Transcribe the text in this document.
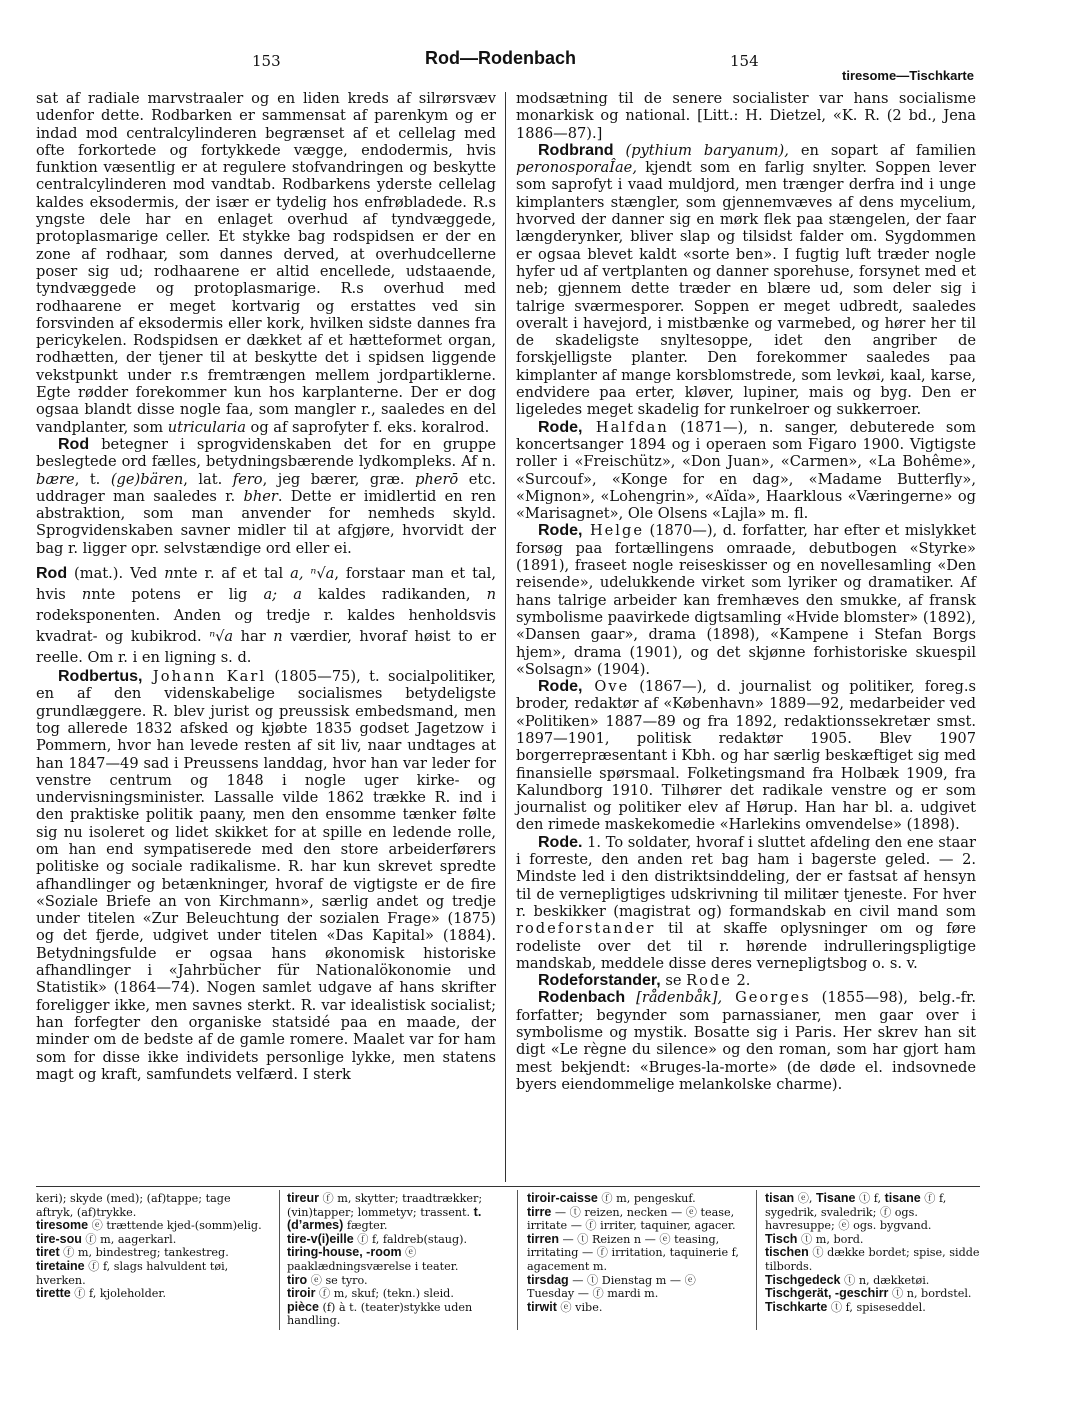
153	Rod—Rodenbach	154
tiresome—Tischkarte

sat af radiale marvstraaler og en liden kreds af silrørsvæv udenfor dette. Rodbarken er sammensat af parenkym og er indad mod centralcylinderen begrænset af et cellelag med ofte forkortede og fortykkede vægge, endodermis, hvis funktion væsentlig er at regulere stofvandringen og beskytte centralcylinderen mod vandtab. Rodbarkens yderste cellelag kaldes eksodermis, der især er tydelig hos enfrøbladede. R.s yngste dele har en enlaget overhud af tyndvæggede, protoplasmarige celler. Et stykke bag rodspidsen er der en zone af rodhaar, som dannes derved, at overhudcellerne poser sig ud; rodhaarene er altid encellede, udstaaende, tyndvæggede og protoplasmarige. R.s overhud med rodhaarene er meget kortvarig og erstattes ved sin forsvinden af eksodermis eller kork, hvilken sidste dannes fra pericykelen. Rodspidsen er dækket af et hætteformet organ, rodhætten, der tjener til at beskytte det i spidsen liggende vekstpunkt under r.s fremtrængen mellem jordpartiklerne. Egte rødder forekommer kun hos karplanterne. Der er dog ogsaa blandt disse nogle faa, som mangler r., saaledes en del vandplanter, som utricularia og af saprofyter f. eks. koralrod.

Rod betegner i sprogvidenskaben det for en gruppe beslegtede ord fælles, betydningsbærende lydkompleks. Af n. bære, t. (ge)bären, lat. fero, jeg bærer, græ. pherō etc. uddrager man saaledes r. bher. Dette er imidlertid en ren abstraktion, som man anvender for nemheds skyld. Sprogvidenskaben savner midler til at afgjøre, hvorvidt der bag r. ligger opr. selvstændige ord eller ei.

Rod (mat.). Ved nnte r. af et tal a, ⁿ√a, forstaar man et tal, hvis nnte potens er lig a; a kaldes radikanden, n rodeksponenten. Anden og tredje r. kaldes henholdsvis kvadrat- og kubikrod. ⁿ√a har n værdier, hvoraf høist to er reelle. Om r. i en ligning s. d.

Rodbertus, Johann Karl (1805—75), t. socialpolitiker, en af den videnskabelige socialismes betydeligste grundlæggere. R. blev jurist og preussisk embedsmand, men tog allerede 1832 afsked og kjøbte 1835 godset Jagetzow i Pommern, hvor han levede resten af sit liv, naar undtages at han 1847—49 sad i Preussens landdag, hvor han var leder for venstre centrum og 1848 i nogle uger kirke- og undervisningsminister. Lassalle vilde 1862 trække R. ind i den praktiske politik paany, men den ensomme tænker følte sig nu isoleret og lidet skikket for at spille en ledende rolle, om han end sympatiserede med den store arbeiderførers politiske og sociale radikalisme. R. har kun skrevet spredte afhandlinger og betænkninger, hvoraf de vigtigste er de fire «Soziale Briefe an von Kirchmann», særlig andet og tredje under titelen «Zur Beleuchtung der sozialen Frage» (1875) og det fjerde, udgivet under titelen «Das Kapital» (1884). Betydningsfulde er ogsaa hans økonomisk historiske afhandlinger i «Jahrbücher für Nationalökonomie und Statistik» (1864—74). Nogen samlet udgave af hans skrifter foreligger ikke, men savnes sterkt. R. var idealistisk socialist; han forfegter den organiske statsidé paa en maade, der minder om de bedste af de gamle romere. Maalet var for ham som for disse ikke individets personlige lykke, men statens magt og kraft, samfundets velfærd. I sterk

modsætning til de senere socialister var hans socialisme monarkisk og national. [Litt.: H. Dietzel, «K. R. (2 bd., Jena 1886—87).]

Rodbrand (pythium baryanum), en sopart af familien peronosporaÎae, kjendt som en farlig snylter. Soppen lever som saprofyt i vaad muldjord, men trænger derfra ind i unge kimplanters stængler, som gjennemvæves af dens mycelium, hvorved der danner sig en mørk flek paa stængelen, der faar længderynker, bliver slap og tilsidst falder om. Sygdommen er ogsaa blevet kaldt «sorte ben». I fugtig luft træder nogle hyfer ud af vertplanten og danner sporehuse, forsynet med et neb; gjennem dette træder en blære ud, som deler sig i talrige sværmesporer. Soppen er meget udbredt, saaledes overalt i havejord, i mistbænke og varmebed, og hører her til de skadeligste snyltesoppe, idet den angriber de forskjelligste planter. Den forekommer saaledes paa kimplanter af mange korsblomstrede, som levkøi, kaal, karse, endvidere paa erter, kløver, lupiner, mais og byg. Den er ligeledes meget skadelig for runkelroer og sukkerroer.

Rode, Halfdan (1871—), n. sanger, debuterede som koncertsanger 1894 og i operaen som Figaro 1900. Vigtigste roller i «Freischütz», «Don Juan», «Carmen», «La Bohême», «Surcouf», «Konge for en dag», «Madame Butterfly», «Mignon», «Lohengrin», «Aïda», Haarklous «Væringerne» og «Marisagnet», Ole Olsens «Lajla» m. fl.

Rode, Helge (1870—), d. forfatter, har efter et mislykket forsøg paa fortællingens omraade, debutbogen «Styrke» (1891), fraseet nogle reiseskisser og en novellesamling «Den reisende», udelukkende virket som lyriker og dramatiker. Af hans talrige arbeider kan fremhæves den smukke, af fransk symbolisme paavirkede digtsamling «Hvide blomster» (1892), «Dansen gaar», drama (1898), «Kampene i Stefan Borgs hjem», drama (1901), og det skjønne forhistoriske skuespil «Solsagn» (1904).

Rode, Ove (1867—), d. journalist og politiker, foreg.s broder, redaktør af «København» 1889—92, medarbeider ved «Politiken» 1887—89 og fra 1892, redaktionssekretær smst. 1897—1901, politisk redaktør 1905. Blev 1907 borgerrepræsentant i Kbh. og har særlig beskæftiget sig med finansielle spørsmaal. Folketingsmand fra Holbæk 1909, fra Kalundborg 1910. Tilhører det radikale venstre og er som journalist og politiker elev af Hørup. Han har bl. a. udgivet den rimede maskekomedie «Harlekins omvendelse» (1898).

Rode. 1. To soldater, hvoraf i sluttet afdeling den ene staar i forreste, den anden ret bag ham i bagerste geled. — 2. Mindste led i den distriktsinddeling, der er fastsat af hensyn til de vernepligtiges udskrivning til militær tjeneste. For hver r. beskikker (magistrat og) formandskab en civil mand som rodeforstander til at skaffe oplysninger om og føre rodeliste over det til r. hørende indrulleringspligtige mandskab, meddele disse deres vernepligtsbog o. s. v.

Rodeforstander, se Rode 2.

Rodenbach [rådenbåk], Georges (1855—98), belg.-fr. forfatter; begynder som parnassianer, men gaar over i symbolisme og mystik. Bosatte sig i Paris. Her skrev han sit digt «Le règne du silence» og den roman, som har gjort ham mest bekjendt: «Bruges-la-morte» (de døde el. indsovnede byers eiendommelige melankolske charme).

keri); skyde (med); (af)tappe; tage aftryk, (af)trykke.
tiresome ⓔ trættende kjed-(somm)elig.
tire-sou ⓕ m, aagerkarl.
tiret ⓕ m, bindestreg; tankestreg.
tiretaine ⓕ f, slags halvuldent tøi, hverken.
tirette ⓕ f, kjoleholder.
tireur ⓕ m, skytter; traadtrækker; (vin)tapper; lommetyv; trassent. t. (d’armes) fægter.
tire-v(i)eille ⓕ f, faldreb(staug).
tiring-house, -room ⓔ paaklædningsværelse i teater.
tiro ⓔ se tyro.
tiroir ⓕ m, skuf; (tekn.) sleid.
pièce (f) à t. (teater)stykke uden handling.
tiroir-caisse ⓕ m, pengeskuf.
tirre — ⓣ reizen, necken — ⓔ tease, irritate — ⓕ irriter, taquiner, agacer.
tirren — ⓣ Reizen n — ⓔ teasing, irritating — ⓕ irritation, taquinerie f, agacement m.
tirsdag — ⓣ Dienstag m — ⓔ Tuesday — ⓕ mardi m.
tirwit ⓔ vibe.
tisan ⓔ, Tisane ⓣ f, tisane ⓕ f, sygedrik, svaledrik; ⓕ ogs. havresuppe; ⓔ ogs. bygvand.
Tisch ⓣ m, bord.
tischen ⓣ dække bordet; spise, sidde tilbords.
Tischgedeck ⓣ n, dækketøi.
Tischgerät, -geschirr ⓣ n, bordstel.
Tischkarte ⓣ f, spiseseddel.
